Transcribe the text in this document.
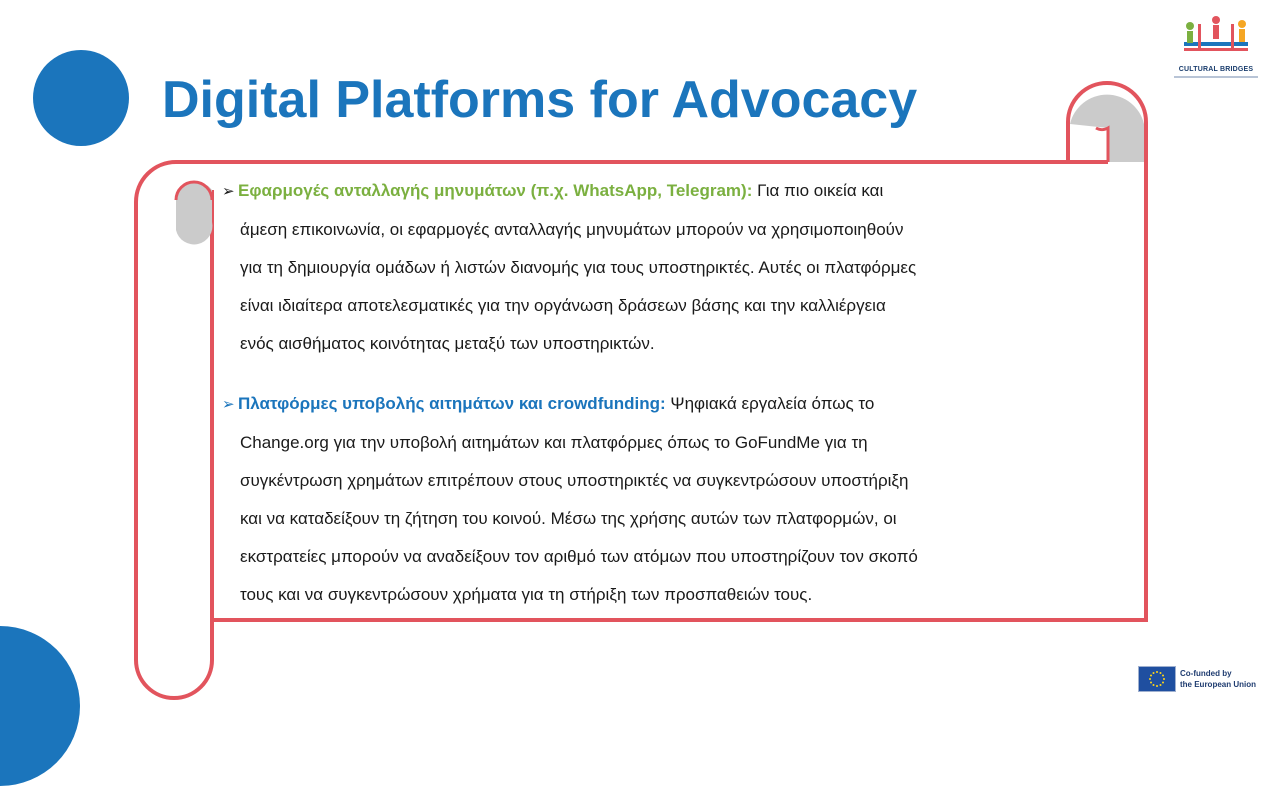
Digital Platforms for Advocacy
CULTURAL BRIDGES

➢ Εφαρμογές ανταλλαγής μηνυμάτων (π.χ. WhatsApp, Telegram): Για πιο οικεία και
άμεση επικοινωνία, οι εφαρμογές ανταλλαγής μηνυμάτων μπορούν να χρησιμοποιηθούν
για τη δημιουργία ομάδων ή λιστών διανομής για τους υποστηρικτές. Αυτές οι πλατφόρμες
είναι ιδιαίτερα αποτελεσματικές για την οργάνωση δράσεων βάσης και την καλλιέργεια
ενός αισθήματος κοινότητας μεταξύ των υποστηρικτών.

➢ Πλατφόρμες υποβολής αιτημάτων και crowdfunding: Ψηφιακά εργαλεία όπως το
Change.org για την υποβολή αιτημάτων και πλατφόρμες όπως το GoFundMe για τη
συγκέντρωση χρημάτων επιτρέπουν στους υποστηρικτές να συγκεντρώσουν υποστήριξη
και να καταδείξουν τη ζήτηση του κοινού. Μέσω της χρήσης αυτών των πλατφορμών, οι
εκστρατείες μπορούν να αναδείξουν τον αριθμό των ατόμων που υποστηρίζουν τον σκοπό
τους και να συγκεντρώσουν χρήματα για τη στήριξη των προσπαθειών τους.

Co-funded by
the European Union
